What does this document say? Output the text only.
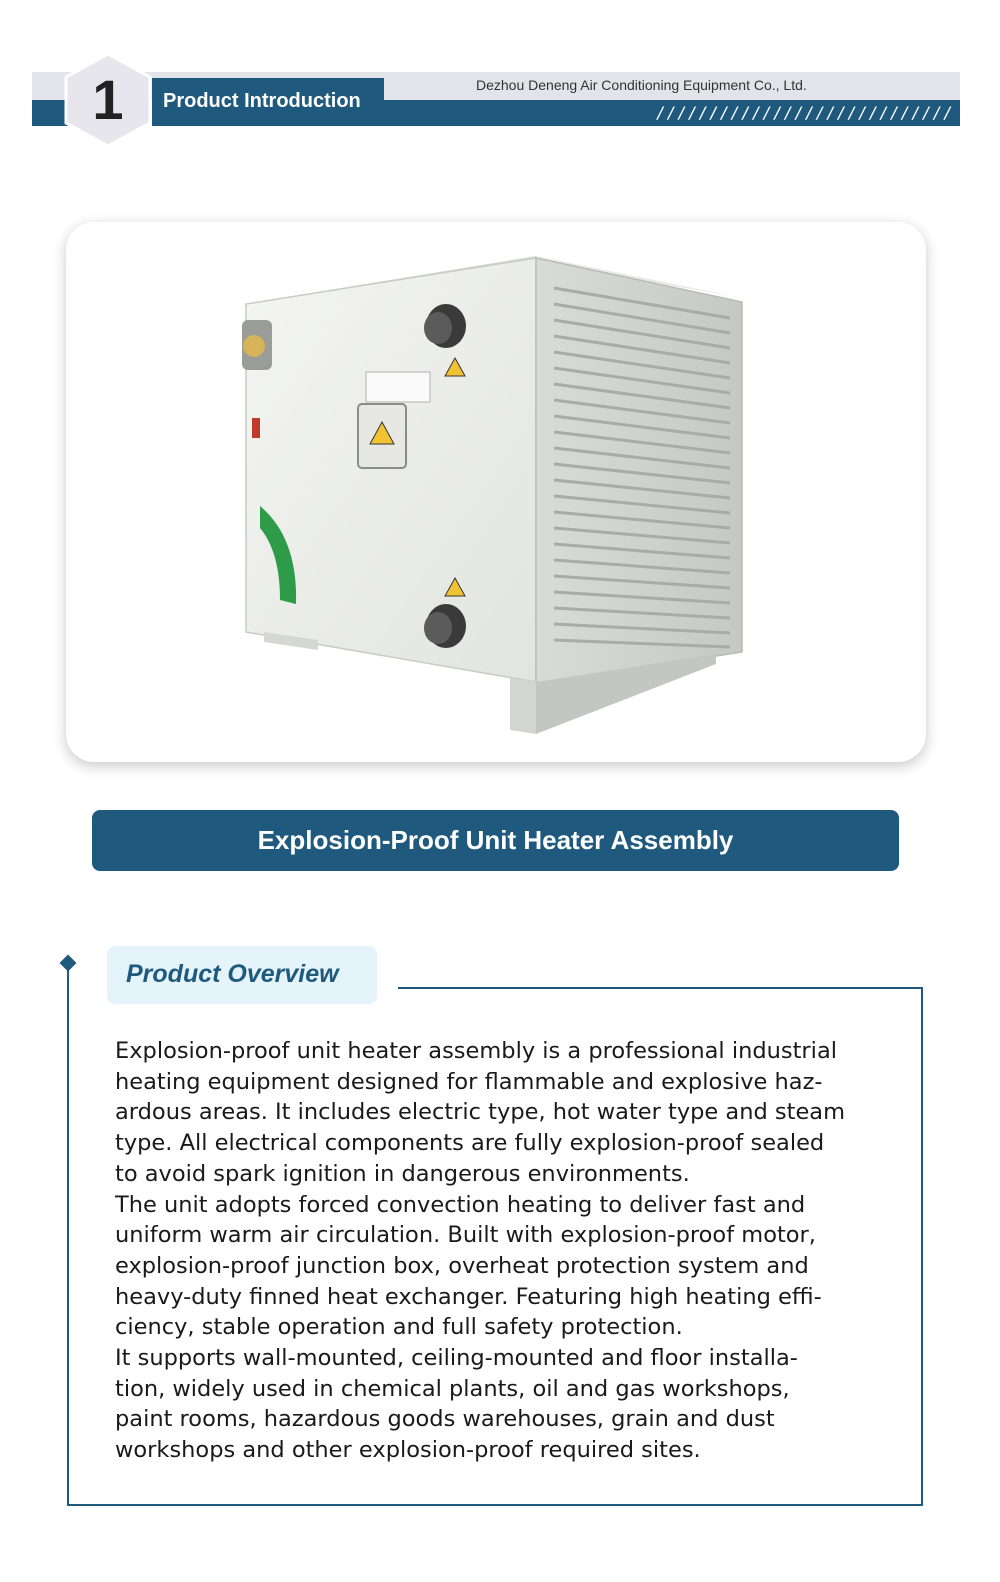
1	Product Introduction
Dezhou Deneng Air Conditioning Equipment Co., Ltd.
////////////////////////////
Explosion-Proof Unit Heater Assembly
Product Overview

Explosion-proof unit heater assembly is a professional industrial

heating equipment designed for flammable and explosive haz-

ardous areas. It includes electric type, hot water type and steam

type. All electrical components are fully explosion-proof sealed

to avoid spark ignition in dangerous environments.

The unit adopts forced convection heating to deliver fast and

uniform warm air circulation. Built with explosion-proof motor,

explosion-proof junction box, overheat protection system and

heavy-duty finned heat exchanger. Featuring high heating effi-

ciency, stable operation and full safety protection.

It supports wall-mounted, ceiling-mounted and floor installa-

tion, widely used in chemical plants, oil and gas workshops,

paint rooms, hazardous goods warehouses, grain and dust

workshops and other explosion-proof required sites.
